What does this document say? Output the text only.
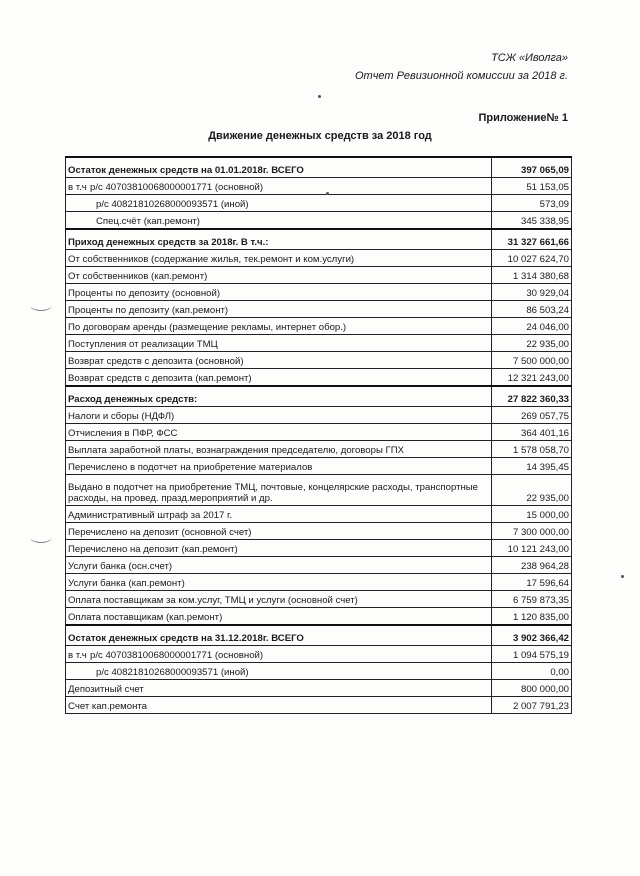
ТСЖ «Иволга»
Отчет Ревизионной комиссии за 2018 г.
Приложение№ 1
Движение денежных средств за 2018 год
Остаток денежных средств на 01.01.2018г. ВСЕГО	397 065,09
в т.ч р/с 40703810068000001771 (основной)	51 153,05
р/с 40821810268000093571 (иной)	573,09
Спец.счёт (кап.ремонт)	345 338,95
Приход денежных средств за 2018г. В т.ч.:	31 327 661,66
От собственников (содержание жилья, тек.ремонт и ком.услуги)	10 027 624,70
От собственников (кап.ремонт)	1 314 380,68
Проценты по депозиту (основной)	30 929,04
Проценты по депозиту (кап.ремонт)	86 503,24
По договорам аренды (размещение рекламы, интернет обор.)	24 046,00
Поступления от реализации ТМЦ	22 935,00
Возврат средств с депозита (основной)	7 500 000,00
Возврат средств с депозита (кап.ремонт)	12 321 243,00
Расход денежных средств:	27 822 360,33
Налоги и сборы (НДФЛ)	269 057,75
Отчисления в ПФР, ФСС	364 401,16
Выплата заработной платы, вознаграждения председателю, договоры ГПХ	1 578 058,70
Перечислено в подотчет на приобретение материалов	14 395,45
Выдано в подотчет на приобретение ТМЦ, почтовые, концелярские расходы, транспортные расходы, на провед. празд.мероприятий и др.	22 935,00
Административный штраф за 2017 г.	15 000,00
Перечислено на депозит (основной счет)	7 300 000,00
Перечислено на депозит (кап.ремонт)	10 121 243,00
Услуги банка (осн.счет)	238 964,28
Услуги банка (кап.ремонт)	17 596,64
Оплата поставщикам за ком.услуг, ТМЦ и услуги (основной счет)	6 759 873,35
Оплата поставщикам (кап.ремонт)	1 120 835,00
Остаток денежных средств на 31.12.2018г. ВСЕГО	3 902 366,42
в т.ч р/с 40703810068000001771 (основной)	1 094 575,19
р/с 40821810268000093571 (иной)	0,00
Депозитный счет	800 000,00
Счет кап.ремонта	2 007 791,23
